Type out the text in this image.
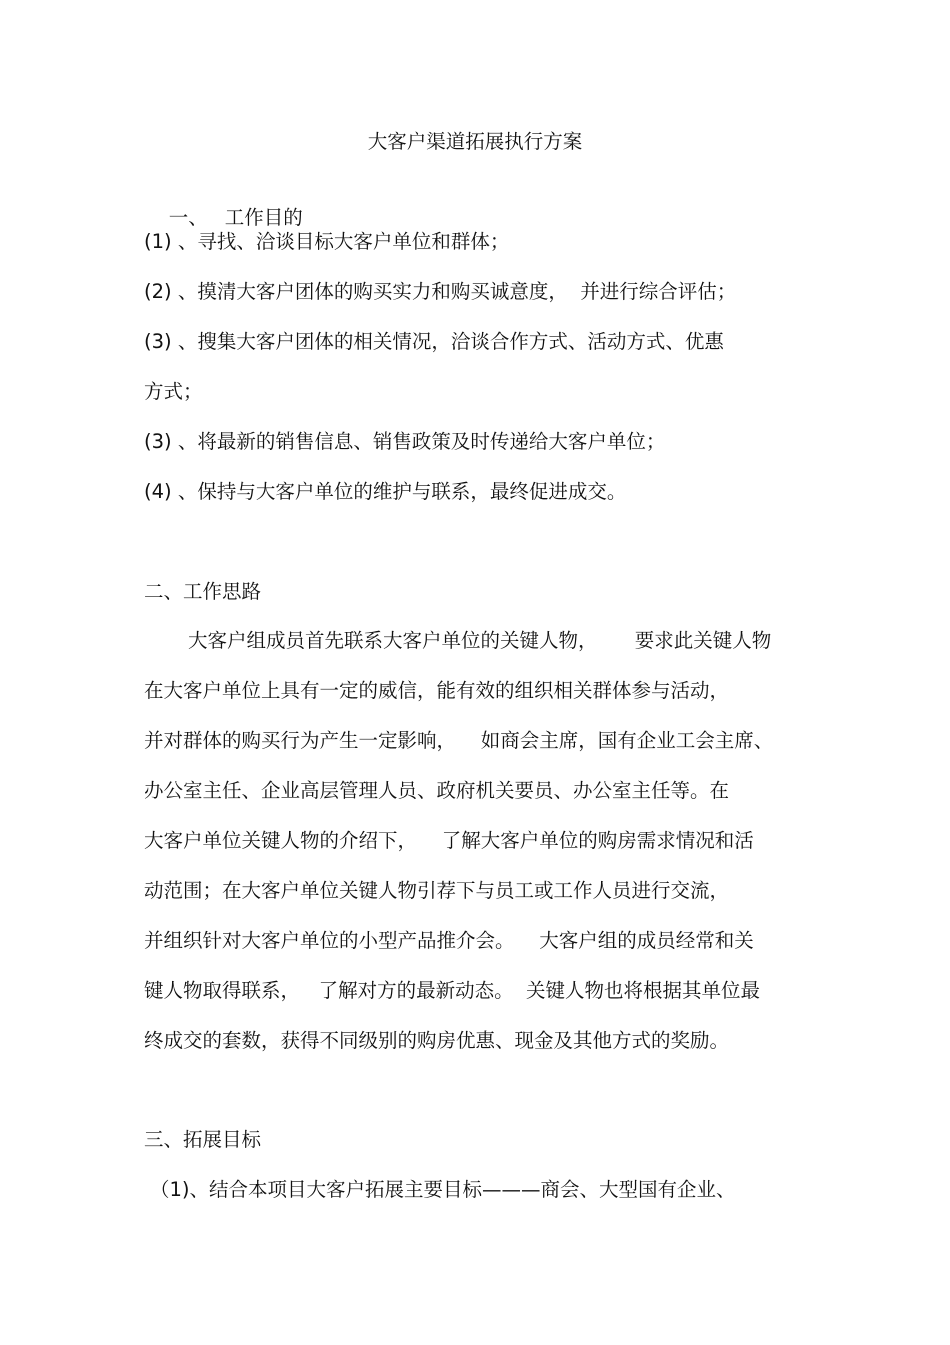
大客户渠道拓展执行方案

一、 工作目的

(1) 、寻找、洽谈目标大客户单位和群体；
(2) 、摸清大客户团体的购买实力和购买诚意度，  并进行综合评估；
(3) 、搜集大客户团体的相关情况，洽谈合作方式、活动方式、优惠
方式；
(3) 、将最新的销售信息、销售政策及时传递给大客户单位；
(4) 、保持与大客户单位的维护与联系，最终促进成交。
二、工作思路
大客户组成员首先联系大客户单位的关键人物，      要求此关键人物
在大客户单位上具有一定的威信，能有效的组织相关群体参与活动，
并对群体的购买行为产生一定影响，    如商会主席，国有企业工会主席、
办公室主任、企业高层管理人员、政府机关要员、办公室主任等。在
大客户单位关键人物的介绍下，    了解大客户单位的购房需求情况和活
动范围；在大客户单位关键人物引荐下与员工或工作人员进行交流，
并组织针对大客户单位的小型产品推介会。    大客户组的成员经常和关
键人物取得联系，   了解对方的最新动态。  关键人物也将根据其单位最
终成交的套数，获得不同级别的购房优惠、现金及其他方式的奖励。
三、拓展目标
（1)、结合本项目大客户拓展主要目标———商会、大型国有企业、
